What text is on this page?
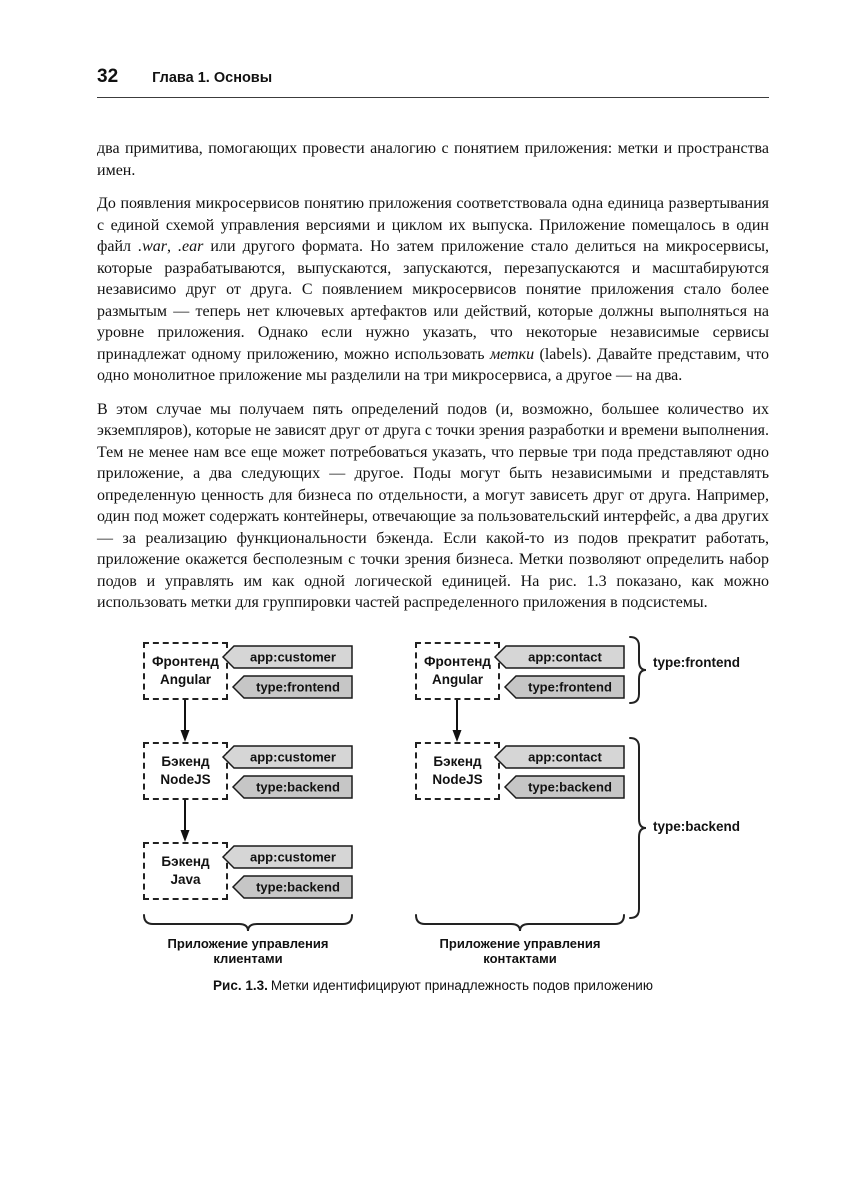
32 Глава 1. Основы

два примитива, помогающих провести аналогию с понятием приложения: метки и пространства имен.

До появления микросервисов понятию приложения соответствовала одна единица развертывания с единой схемой управления версиями и циклом их выпуска. Приложение помещалось в один файл .war, .ear или другого формата. Но затем приложение стало делиться на микросервисы, которые разрабатываются, выпускаются, запускаются, перезапускаются и масштабируются независимо друг от друга. С появлением микросервисов понятие приложения стало более размытым — теперь нет ключевых артефактов или действий, которые должны выполняться на уровне приложения. Однако если нужно указать, что некоторые независимые сервисы принадлежат одному приложению, можно использовать метки (labels). Давайте представим, что одно монолитное приложение мы разделили на три микросервиса, а другое — на два.

В этом случае мы получаем пять определений подов (и, возможно, большее количество их экземпляров), которые не зависят друг от друга с точки зрения разработки и времени выполнения. Тем не менее нам все еще может потребоваться указать, что первые три пода представляют одно приложение, а два следующих — другое. Поды могут быть независимыми и представлять определенную ценность для бизнеса по отдельности, а могут зависеть друг от друга. Например, один под может содержать контейнеры, отвечающие за пользовательский интерфейс, а два других — за реализацию функциональности бэкенда. Если какой-то из подов прекратит работать, приложение окажется бесполезным с точки зрения бизнеса. Метки позволяют определить набор подов и управлять им как одной логической единицей. На рис. 1.3 показано, как можно использовать метки для группировки частей распределенного приложения в подсистемы.

Фронтенд
Angular
app:customer
type:frontend
Бэкенд
NodeJS
app:customer
type:backend
Бэкенд
Java
app:customer
type:backend
Приложение управления клиентами
Фронтенд
Angular
app:contact
type:frontend
type:frontend
Бэкенд
NodeJS
app:contact
type:backend
type:backend
Приложение управления контактами
Рис. 1.3. Метки идентифицируют принадлежность подов приложению
